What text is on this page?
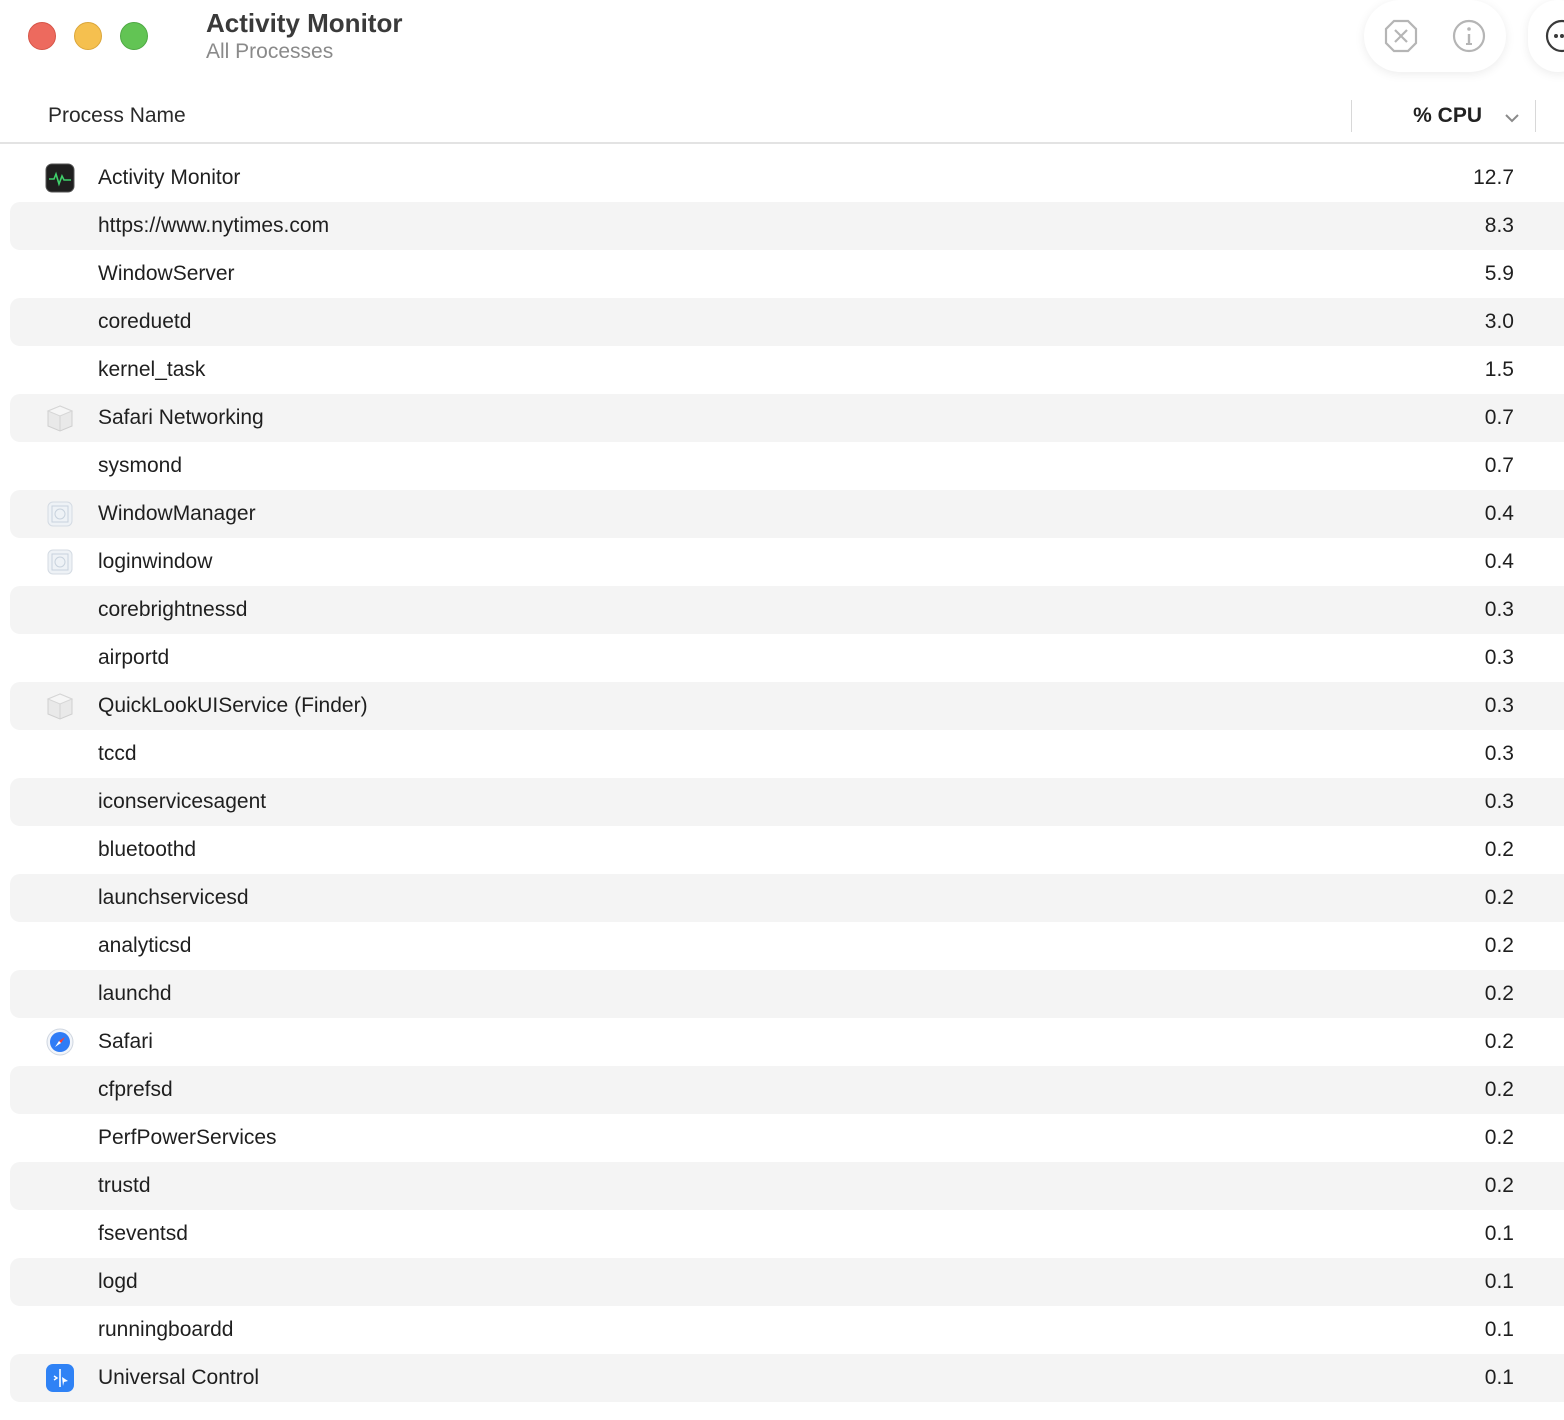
Activity Monitor
All Processes
Process Name	% CPU
Activity Monitor	12.7
https://www.nytimes.com	8.3
WindowServer	5.9
coreduetd	3.0
kernel_task	1.5
Safari Networking	0.7
sysmond	0.7
WindowManager	0.4
loginwindow	0.4
corebrightnessd	0.3
airportd	0.3
QuickLookUIService (Finder)	0.3
tccd	0.3
iconservicesagent	0.3
bluetoothd	0.2
launchservicesd	0.2
analyticsd	0.2
launchd	0.2
Safari	0.2
cfprefsd	0.2
PerfPowerServices	0.2
trustd	0.2
fseventsd	0.1
logd	0.1
runningboardd	0.1
Universal Control	0.1
